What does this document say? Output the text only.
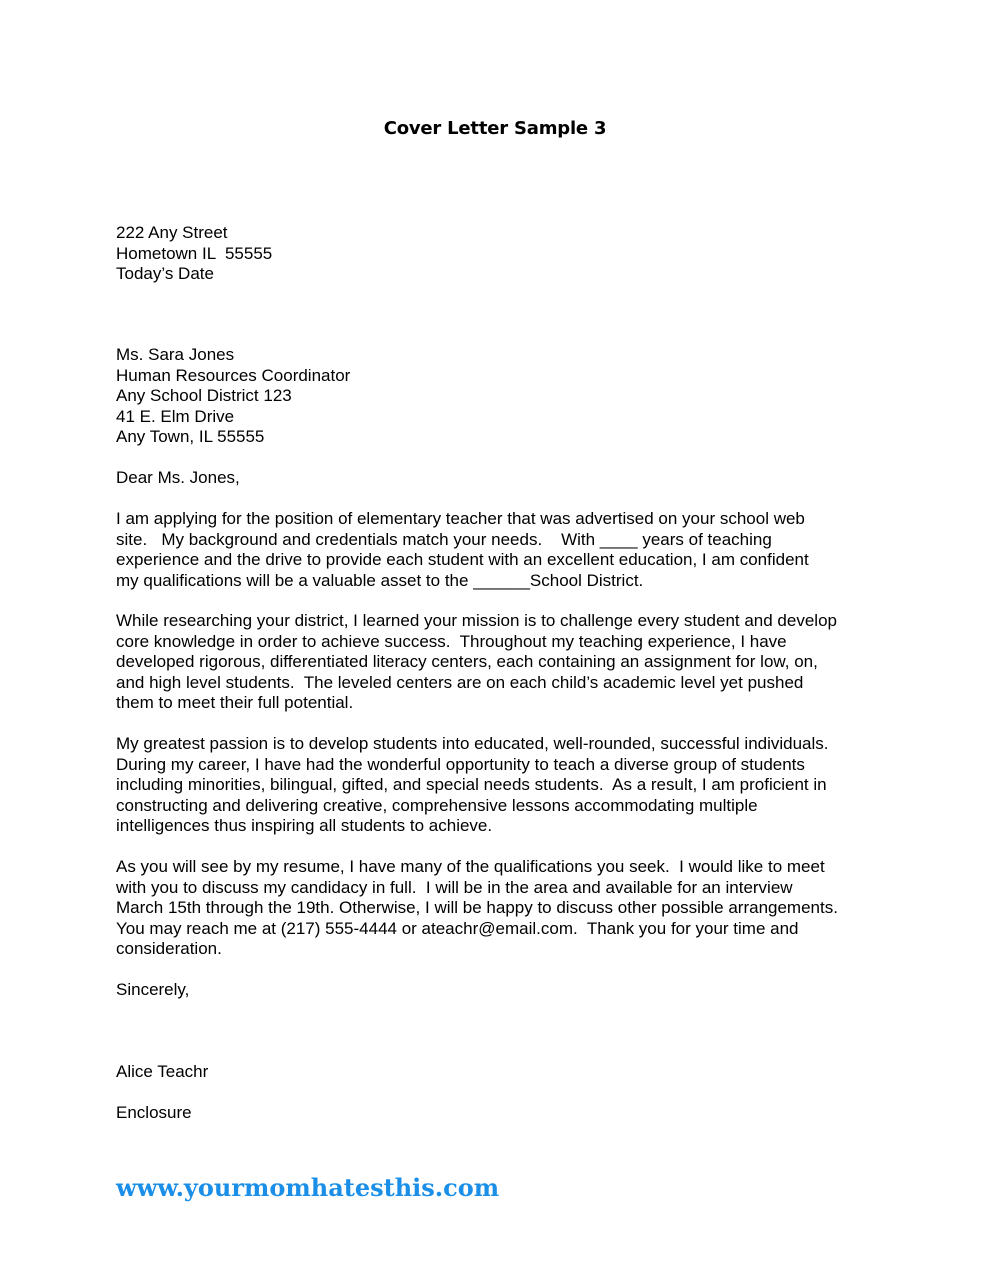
Cover Letter Sample 3
222 Any Street
Hometown IL  55555
Today’s Date
Ms. Sara Jones
Human Resources Coordinator
Any School District 123
41 E. Elm Drive
Any Town, IL 55555
Dear Ms. Jones,
I am applying for the position of elementary teacher that was advertised on your school web
site.   My background and credentials match your needs.    With ____ years of teaching
experience and the drive to provide each student with an excellent education, I am confident
my qualifications will be a valuable asset to the ______School District.
While researching your district, I learned your mission is to challenge every student and develop
core knowledge in order to achieve success.  Throughout my teaching experience, I have
developed rigorous, differentiated literacy centers, each containing an assignment for low, on,
and high level students.  The leveled centers are on each child’s academic level yet pushed
them to meet their full potential.
My greatest passion is to develop students into educated, well-rounded, successful individuals.
During my career, I have had the wonderful opportunity to teach a diverse group of students
including minorities, bilingual, gifted, and special needs students.  As a result, I am proficient in
constructing and delivering creative, comprehensive lessons accommodating multiple
intelligences thus inspiring all students to achieve.
As you will see by my resume, I have many of the qualifications you seek.  I would like to meet
with you to discuss my candidacy in full.  I will be in the area and available for an interview
March 15th through the 19th. Otherwise, I will be happy to discuss other possible arrangements.
You may reach me at (217) 555-4444 or ateachr@email.com.  Thank you for your time and
consideration.
Sincerely,
Alice Teachr
Enclosure
www.yourmomhatesthis.com
